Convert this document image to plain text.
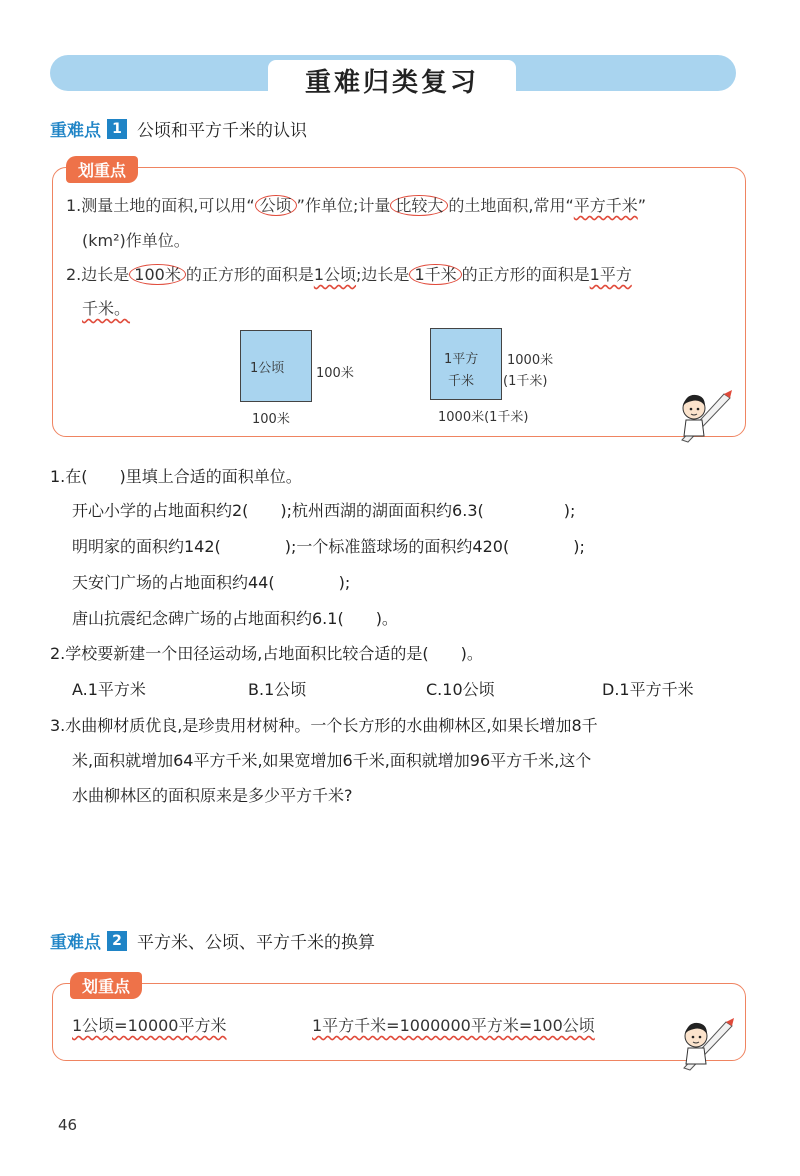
重难归类复习
重难点 1 公顷和平方千米的认识
划重点
1.测量土地的面积,可以用“ 公顷 ”作单位;计量 比较大 的土地面积,常用“平方千米”
(km²)作单位。
2.边长是 100米 的正方形的面积是1公顷;边长是 1千米 的正方形的面积是1平方
千米。
1公顷 100米
100米
1平方
千米
1000米
(1千米)
1000米(1千米)
1.在(　　)里填上合适的面积单位。
开心小学的占地面积约2(　　);杭州西湖的湖面面积约6.3(　　　　　);
明明家的面积约142(　　　　);一个标准篮球场的面积约420(　　　　);
天安门广场的占地面积约44(　　　　);
唐山抗震纪念碑广场的占地面积约6.1(　　)。
2.学校要新建一个田径运动场,占地面积比较合适的是(　　)。
A.1平方米	B.1公顷	C.10公顷	D.1平方千米
3.水曲柳材质优良,是珍贵用材树种。一个长方形的水曲柳林区,如果长增加8千
米,面积就增加64平方千米,如果宽增加6千米,面积就增加96平方千米,这个
水曲柳林区的面积原来是多少平方千米?
重难点 2 平方米、公顷、平方千米的换算
划重点
1公顷=10000平方米	1平方千米=1000000平方米=100公顷
46
